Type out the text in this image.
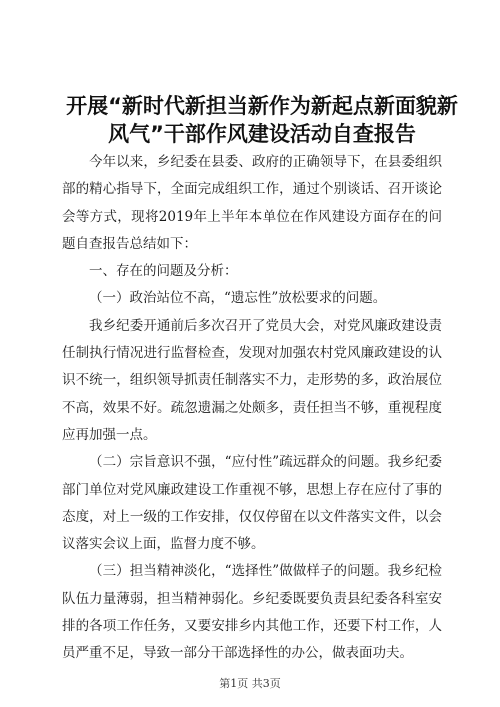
开展“新时代新担当新作为新起点新面貌新风气”干部作风建设活动自查报告

今年以来，乡纪委在县委、政府的正确领导下，在县委组织部的精心指导下，全面完成组织工作，通过个别谈话、召开谈论会等方式，现将2019年上半年本单位在作风建设方面存在的问题自查报告总结如下：

一、存在的问题及分析：

（一）政治站位不高，“遗忘性”放松要求的问题。

我乡纪委开通前后多次召开了党员大会，对党风廉政建设责任制执行情况进行监督检查，发现对加强农村党风廉政建设的认识不统一，组织领导抓责任制落实不力，走形势的多，政治展位不高，效果不好。疏忽遗漏之处颇多，责任担当不够，重视程度应再加强一点。

（二）宗旨意识不强，“应付性”疏远群众的问题。我乡纪委部门单位对党风廉政建设工作重视不够，思想上存在应付了事的态度，对上一级的工作安排，仅仅停留在以文件落实文件，以会议落实会议上面，监督力度不够。

（三）担当精神淡化，“选择性”做做样子的问题。我乡纪检队伍力量薄弱，担当精神弱化。乡纪委既要负责县纪委各科室安排的各项工作任务，又要安排乡内其他工作，还要下村工作，人员严重不足，导致一部分干部选择性的办公，做表面功夫。

第1页 共3页
